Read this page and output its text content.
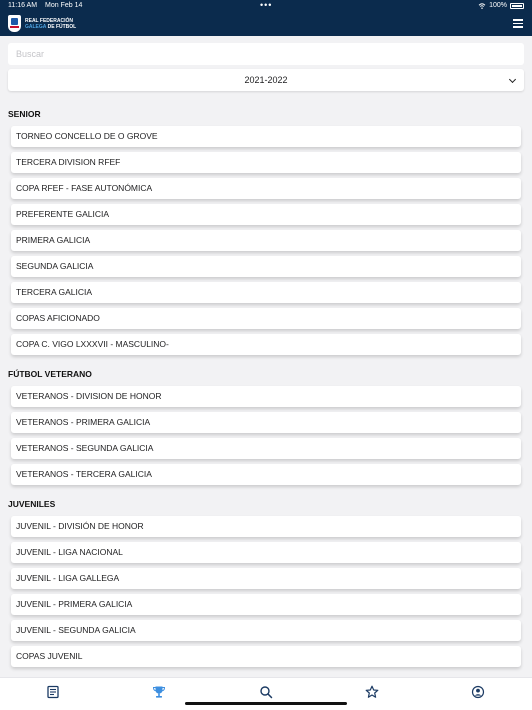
11:16 AM Mon Feb 14	•••	100%
REAL FEDERACIÓN
GALEGA DE FÚTBOL
Buscar
2021-2022
SENIOR
TORNEO CONCELLO DE O GROVE
TERCERA DIVISION RFEF
COPA RFEF - FASE AUTONÓMICA
PREFERENTE GALICIA
PRIMERA GALICIA
SEGUNDA GALICIA
TERCERA GALICIA
COPAS AFICIONADO
COPA C. VIGO LXXXVII - MASCULINO-
FÚTBOL VETERANO
VETERANOS - DIVISION DE HONOR
VETERANOS - PRIMERA GALICIA
VETERANOS - SEGUNDA GALICIA
VETERANOS - TERCERA GALICIA
JUVENILES
JUVENIL - DIVISIÓN DE HONOR
JUVENIL - LIGA NACIONAL
JUVENIL - LIGA GALLEGA
JUVENIL - PRIMERA GALICIA
JUVENIL - SEGUNDA GALICIA
COPAS JUVENIL
